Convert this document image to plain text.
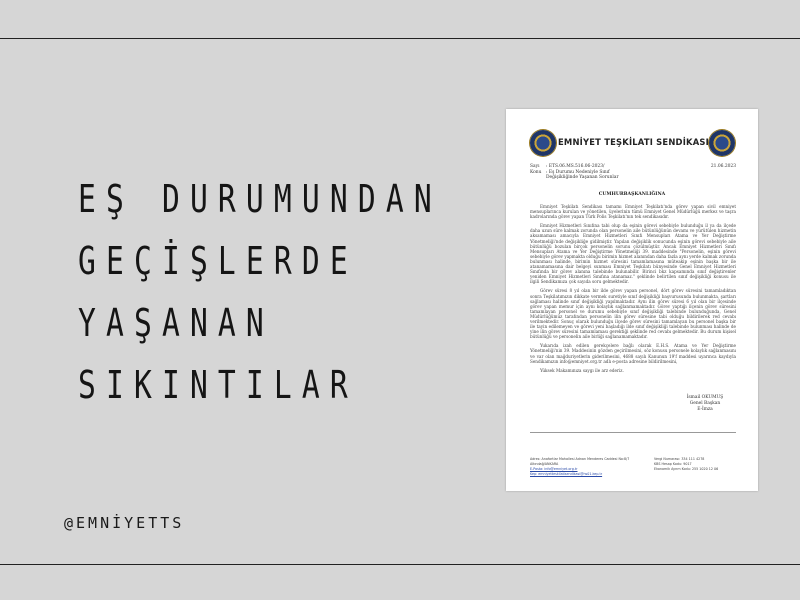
EŞ DURUMUNDAN
GEÇİŞLERDE
YAŞANAN
SIKINTILAR
@EMNİYETTS
EMNİYET TEŞKİLATI SENDİKASI
Sayı	: ETS.06.MS.516.06-2023/
Konu	: Eş Durumu Nedeniyle Sınıf Değişikliğinde Yaşanan Sorunlar
21.06.2023
CUMHURBAŞKANLIĞINA

Emniyet Teşkilatı Sendikası tamamı Emniyet Teşkilatı'nda görev yapan sivil emniyet mensuplarınca kurulan ve yönetilen, üyelerinin tümü Emniyet Genel Müdürlüğü merkez ve taşra kadrolarında görev yapan Türk Polis Teşkilatı'nın tek sendikasıdır.

Emniyet Hizmetleri Sınıfına tabi olup da eşinin görevi sebebiyle bulunduğu il ya da ilçede daha uzun süre kalmak zorunda olan personelin aile bütünlüğünün devamı ve yürütülen hizmetin aksamaması amacıyla Emniyet Hizmetleri Sınıfı Mensupları Atama ve Yer Değiştirme Yönetmeliği'nde değişikliğe gidilmiştir. Yapılan değişiklik sonucunda eşinin görevi sebebiyle aile bütünlüğü bozulan birçok personelin sorunu çözülmüştür. Ancak Emniyet Hizmetleri Sınıfı Mensupları Atama ve Yer Değiştirme Yönetmeliği 39. maddesinde "Personelin, eşinin görevi sebebiyle görev yapmakta olduğu birimin hizmet alanından daha fazla aynı yerde kalmak zorunda bulunması halinde, birimin hizmet süresini tamamlamasına müteakip eşinin başka bir ile atanamamasına dair belgeyi sunması Emniyet Teşkilatı bünyesinde Genel Emniyet Hizmetleri Sınıfında bir görev alanına talebinde bulunabilir. Birinci bkz kapsamında sınıf değiştirenler yeniden Emniyet Hizmetleri Sınıfına atanamaz." şeklinde belirtilen sınıf değişikliği konusu ile ilgili Sendikamıza çok sayıda soru gelmektedir.

Görev süresi 8 yıl olan bir ilde görev yapan personel, dört görev süresini tamamladıktan sonra Teşkilatımızın dikkate vermek suretiyle sınıf değişikliği başvurusunda bulunmakta, şartları sağlaması halinde sınıf değişikliği yapılmaktadır. Aynı ilin görev süresi 6 yıl olan bir ilçesinde görev yapan memur için aynı kolaylık sağlanmamaktadır. Görev yaptığı ilçenin görev süresini tamamlayan personel ve durumu sebebiyle sınıf değişikliği talebinde bulunduğunda, Genel Müdürlüğümüz tarafından personelin ilin görev süresine tabi olduğu bildirilerek red cevabı verilmektedir. Sonuç olarak bulunduğu ilçede görev süresini tamamlayan bu personel başka bir ile tayin edilemeyen ve görevi yeni başladığı ilde sınıf değişikliği talebinde bulunması halinde de yine ilin görev süresini tamamlaması gerektiği şeklinde red cevabı gelmektedir. Bu durum kişisel bütünlüğü ve personelin aile birliği sağlanamamaktadır.

Yukarıda izah edilen gerekçelere bağlı olarak E.H.S. Atama ve Yer Değiştirme Yönetmeliği'nin 39. Maddesinin gözden geçirilmesini, söz konusu personele kolaylık sağlanmasını ve var olan mağduriyetlerin giderilmesini, 4688 sayılı Kanunun 19'f maddesi uyarınca kaydıyla Sendikamızın info@emniyet.org.tr adlı e-posta adresine bildirilmesini,

Yüksek Makamınıza saygı ile arz ederiz.

İsmail OKUMUŞ
Genel Başkan
E-İmza
Adres: Anafartlar Mahallesi Adnan Menderes Caddesi No:8/7 Altındağ/ANKARA
E-Posta: info@emniyet.org.tr
Kep: emniyetteskilatisendikasi@hs01.kep.tr
Vergi Numarası: 334 111 4278
KBS Hesap Kodu: 9017
Ekonomik Ayrım Kodu: 255 1020 12 06
